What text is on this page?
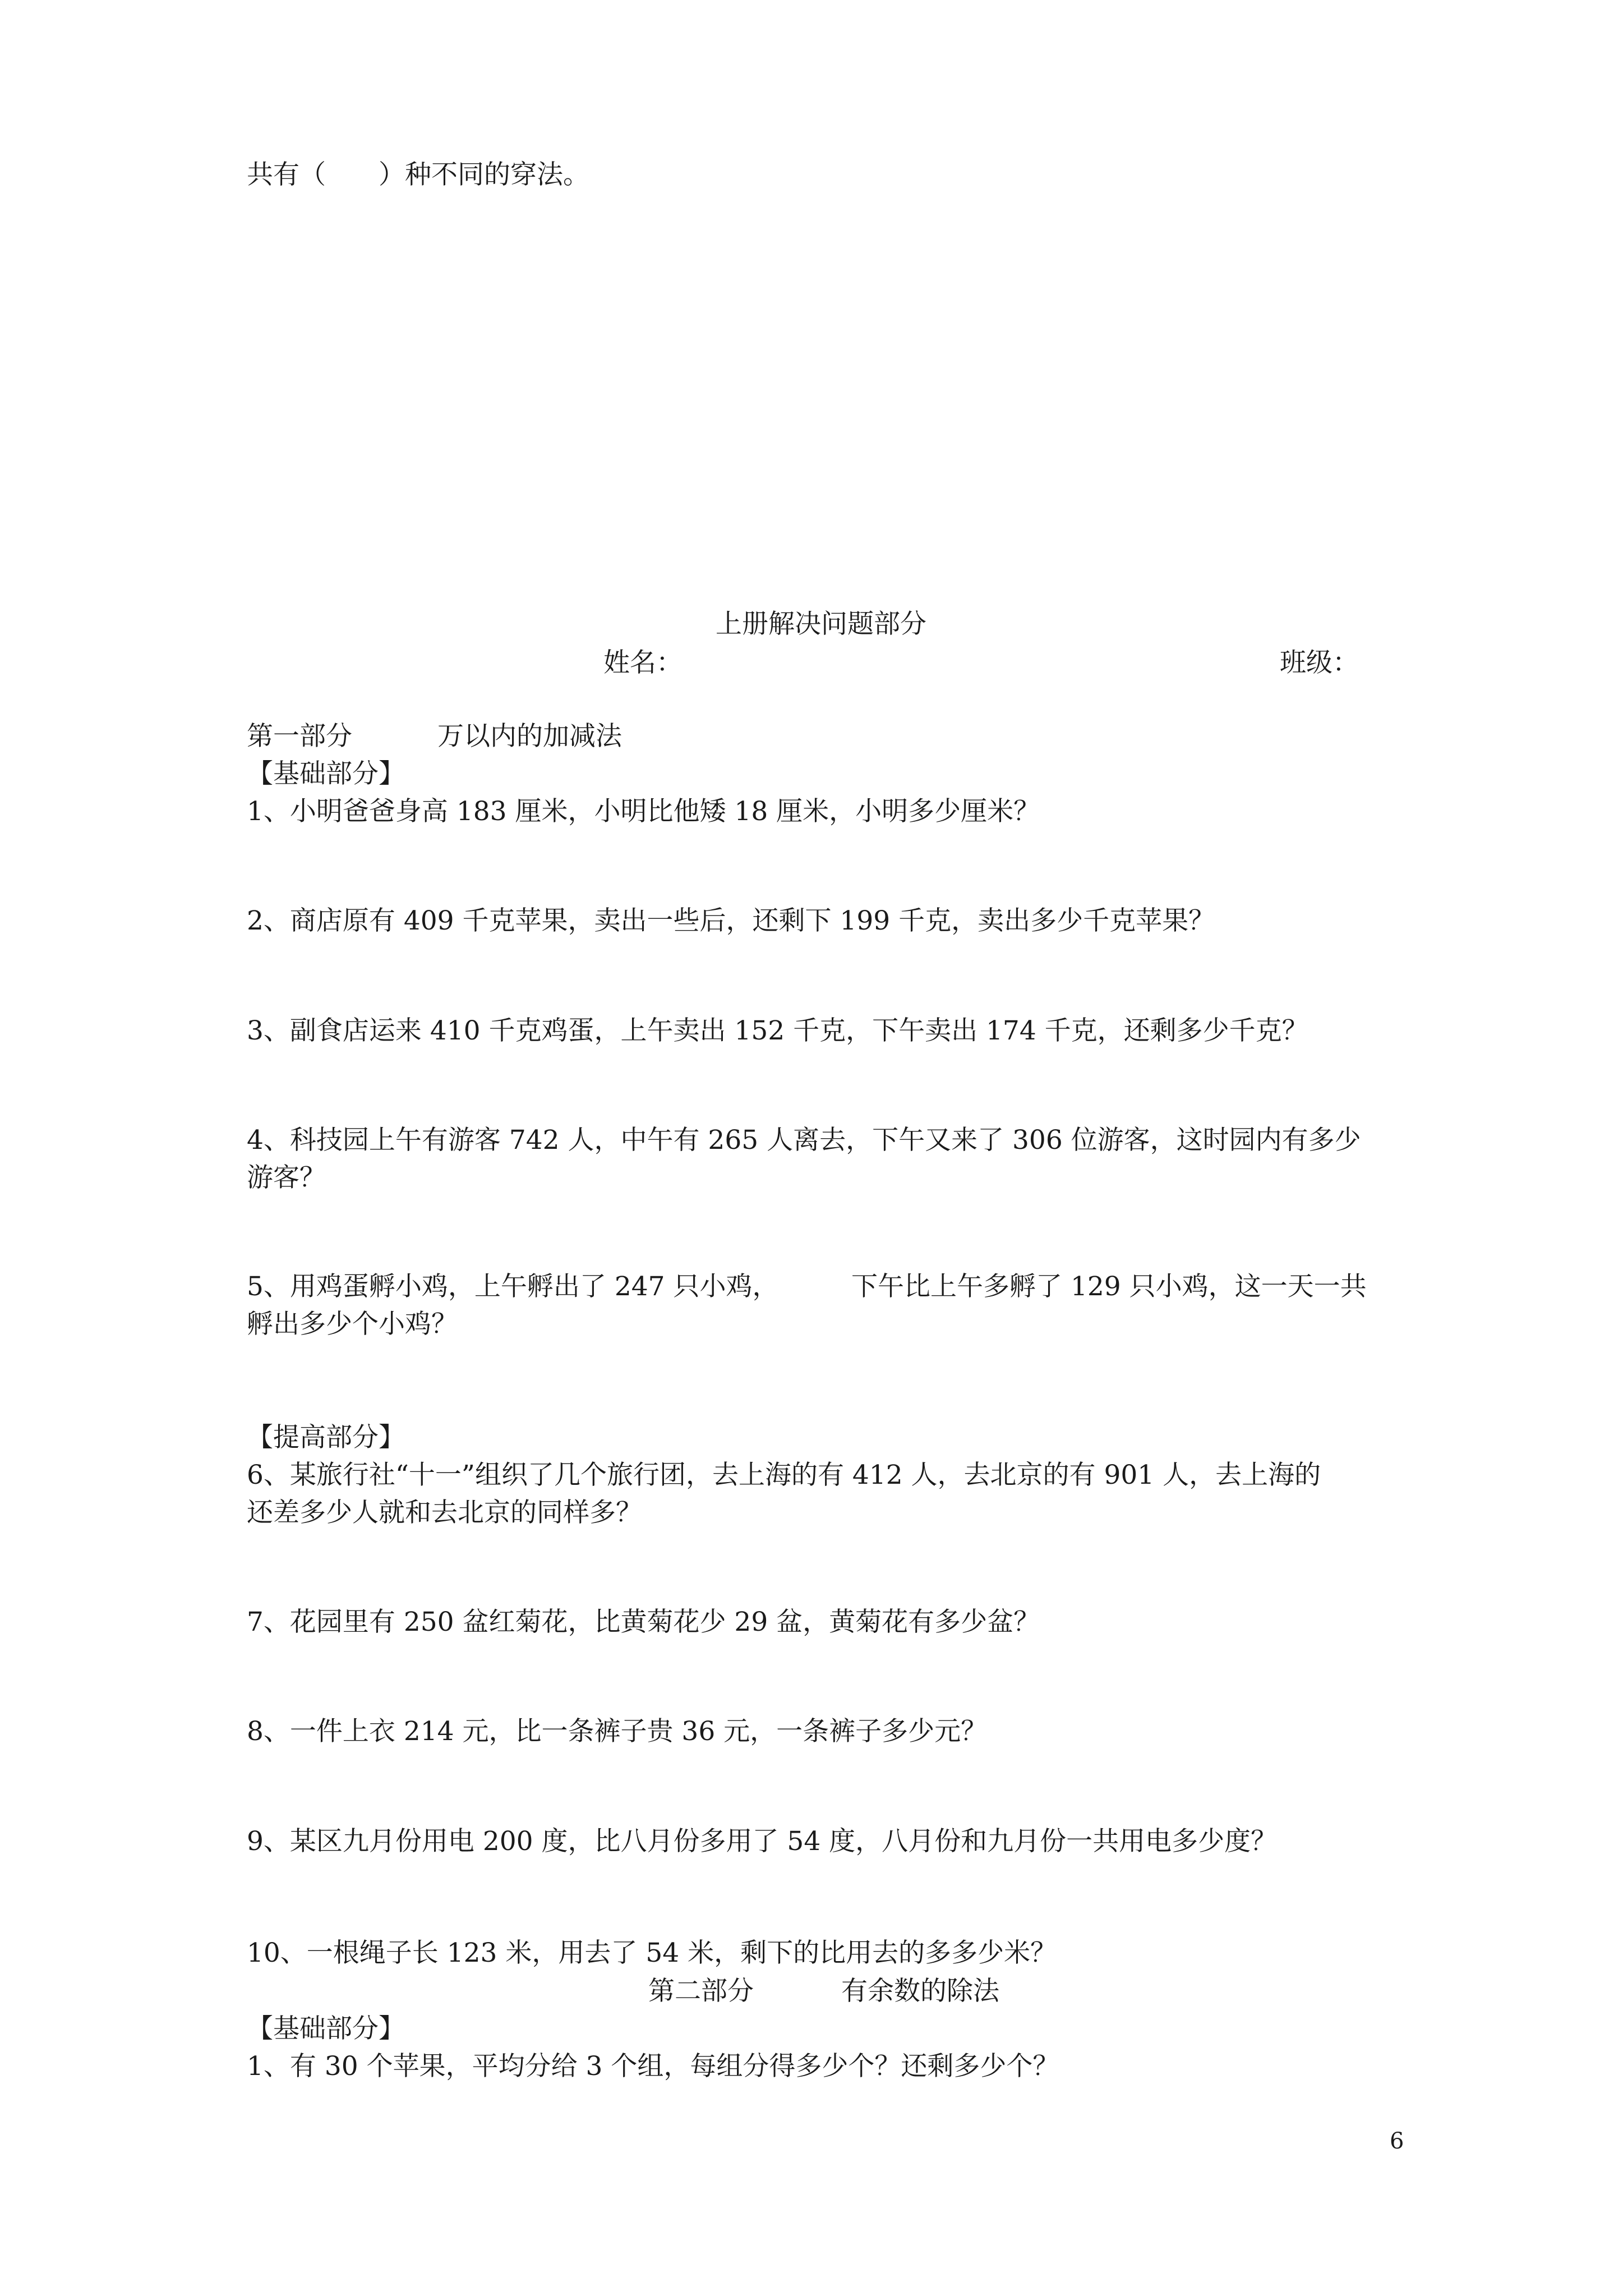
共有（　　）种不同的穿法。

上册解决问题部分

姓名：	班级：

第一部分	万以内的加减法

【基础部分】

1、小明爸爸身高 183 厘米，小明比他矮 18 厘米，小明多少厘米？

2、商店原有 409 千克苹果，卖出一些后，还剩下 199 千克，卖出多少千克苹果？

3、副食店运来 410 千克鸡蛋，上午卖出 152 千克，下午卖出 174 千克，还剩多少千克？

4、科技园上午有游客 742 人，中午有 265 人离去，下午又来了 306 位游客，这时园内有多少

游客？

5、用鸡蛋孵小鸡，上午孵出了 247 只小鸡，	下午比上午多孵了 129 只小鸡，这一天一共

孵出多少个小鸡？

【提高部分】

6、某旅行社“十一”组织了几个旅行团，去上海的有 412 人，去北京的有 901 人，去上海的

还差多少人就和去北京的同样多？

7、花园里有 250 盆红菊花，比黄菊花少 29 盆，黄菊花有多少盆？

8、一件上衣 214 元，比一条裤子贵 36 元，一条裤子多少元？

9、某区九月份用电 200 度，比八月份多用了 54 度，八月份和九月份一共用电多少度？

10、一根绳子长 123 米，用去了 54 米，剩下的比用去的多多少米？

第二部分	有余数的除法

【基础部分】

1、有 30 个苹果，平均分给 3 个组，每组分得多少个？还剩多少个？

6
